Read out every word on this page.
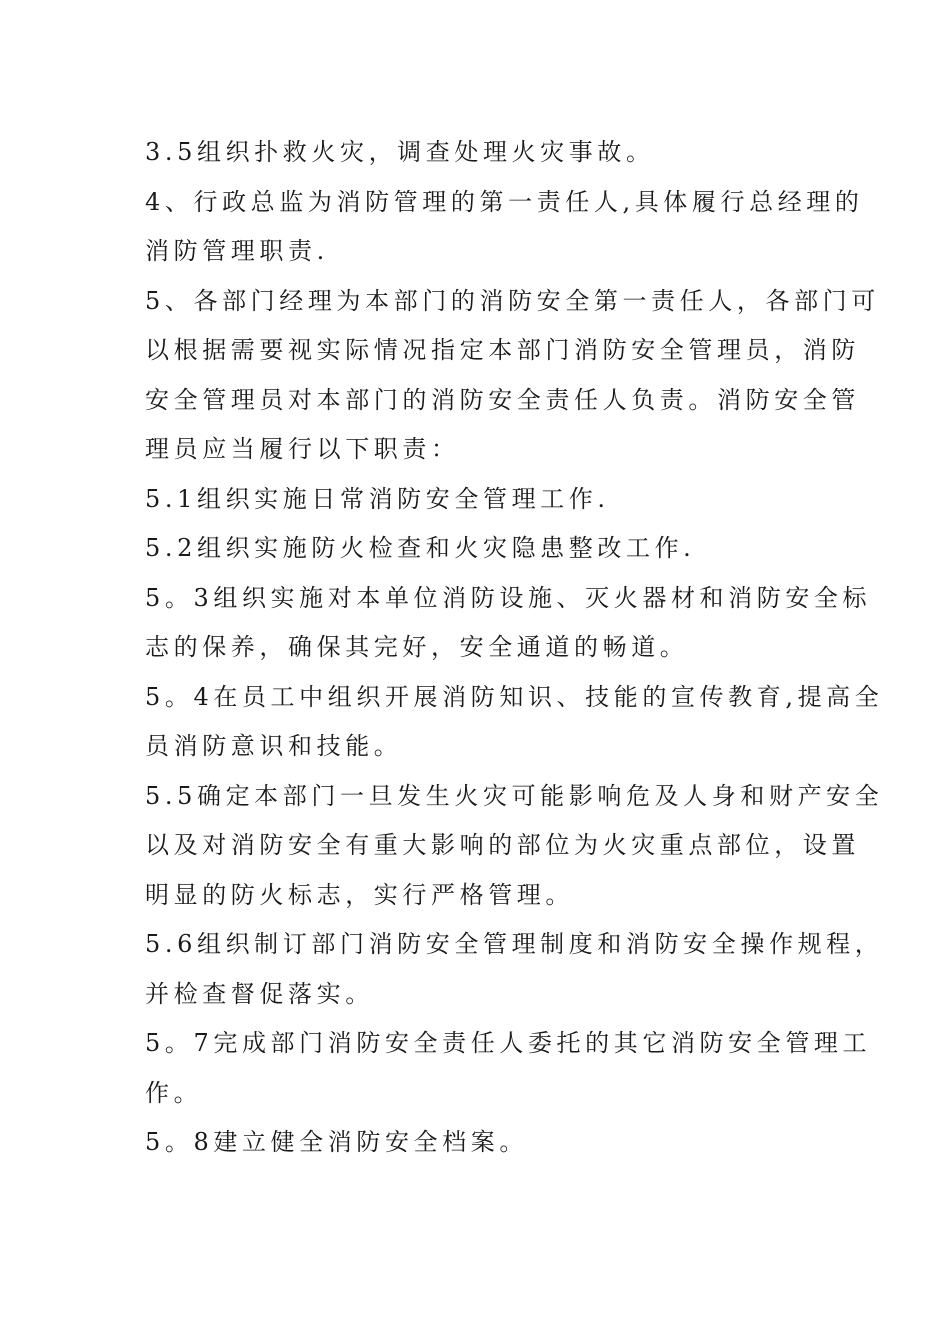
3.5组织扑救火灾，调查处理火灾事故。

4、行政总监为消防管理的第一责任人,具体履行总经理的

消防管理职责.

5、各部门经理为本部门的消防安全第一责任人，各部门可

以根据需要视实际情况指定本部门消防安全管理员，消防

安全管理员对本部门的消防安全责任人负责。消防安全管

理员应当履行以下职责：

5.1组织实施日常消防安全管理工作.

5.2组织实施防火检查和火灾隐患整改工作.

5。3组织实施对本单位消防设施、灭火器材和消防安全标

志的保养，确保其完好，安全通道的畅道。

5。4在员工中组织开展消防知识、技能的宣传教育,提高全

员消防意识和技能。

5.5确定本部门一旦发生火灾可能影响危及人身和财产安全

以及对消防安全有重大影响的部位为火灾重点部位，设置

明显的防火标志，实行严格管理。

5.6组织制订部门消防安全管理制度和消防安全操作规程，

并检查督促落实。

5。7完成部门消防安全责任人委托的其它消防安全管理工

作。

5。8建立健全消防安全档案。
